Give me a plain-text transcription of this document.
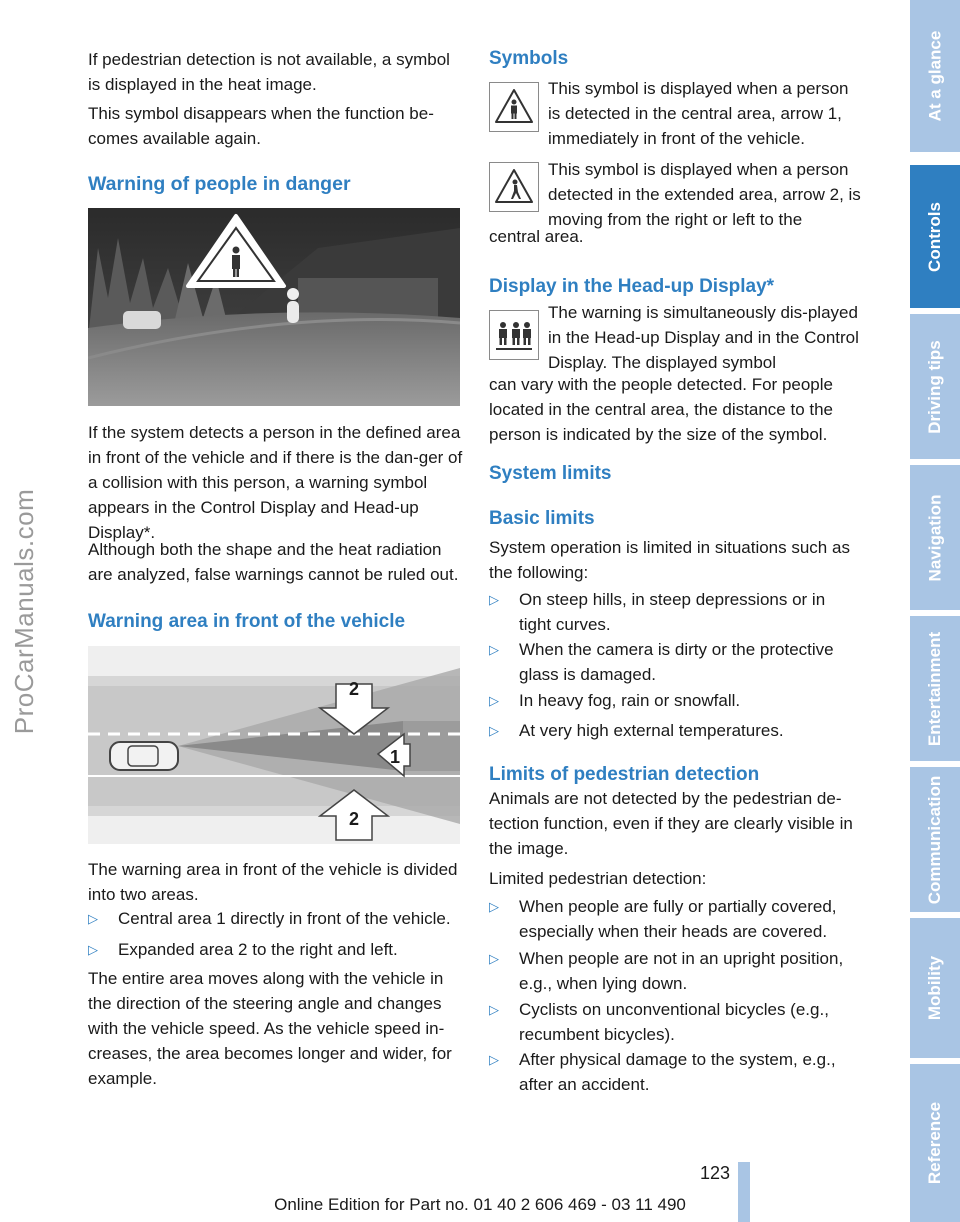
ProCarManuals.com

If pedestrian detection is not available, a symbol is displayed in the heat image.

This symbol disappears when the function be-comes available again.

Warning of people in danger

If the system detects a person in the defined area in front of the vehicle and if there is the dan-ger of a collision with this person, a warning symbol appears in the Control Display and Head-up Display*.

Although both the shape and the heat radiation are analyzed, false warnings cannot be ruled out.

Warning area in front of the vehicle
2
1
2

The warning area in front of the vehicle is divided into two areas.

▷ Central area 1 directly in front of the vehicle.
▷ Expanded area 2 to the right and left.

The entire area moves along with the vehicle in the direction of the steering angle and changes with the vehicle speed. As the vehicle speed in-creases, the area becomes longer and wider, for example.

Symbols

This symbol is displayed when a person is detected in the central area, arrow 1, immediately in front of the vehicle.

This symbol is displayed when a person detected in the extended area, arrow 2, is moving from the right or left to the

central area.

Display in the Head-up Display*

The warning is simultaneously dis-played in the Head-up Display and in the Control Display. The displayed symbol

can vary with the people detected. For people located in the central area, the distance to the person is indicated by the size of the symbol.

System limits
Basic limits

System operation is limited in situations such as the following:

▷ On steep hills, in steep depressions or in tight curves.
▷ When the camera is dirty or the protective glass is damaged.
▷ In heavy fog, rain or snowfall.
▷ At very high external temperatures.
Limits of pedestrian detection

Animals are not detected by the pedestrian de-tection function, even if they are clearly visible in the image.

Limited pedestrian detection:

▷ When people are fully or partially covered, especially when their heads are covered.
▷ When people are not in an upright position, e.g., when lying down.
▷ Cyclists on unconventional bicycles (e.g., recumbent bicycles).
▷ After physical damage to the system, e.g., after an accident.
At a glance
Controls
Driving tips
Navigation
Entertainment
Communication
Mobility
Reference
123
Online Edition for Part no. 01 40 2 606 469 - 03 11 490
